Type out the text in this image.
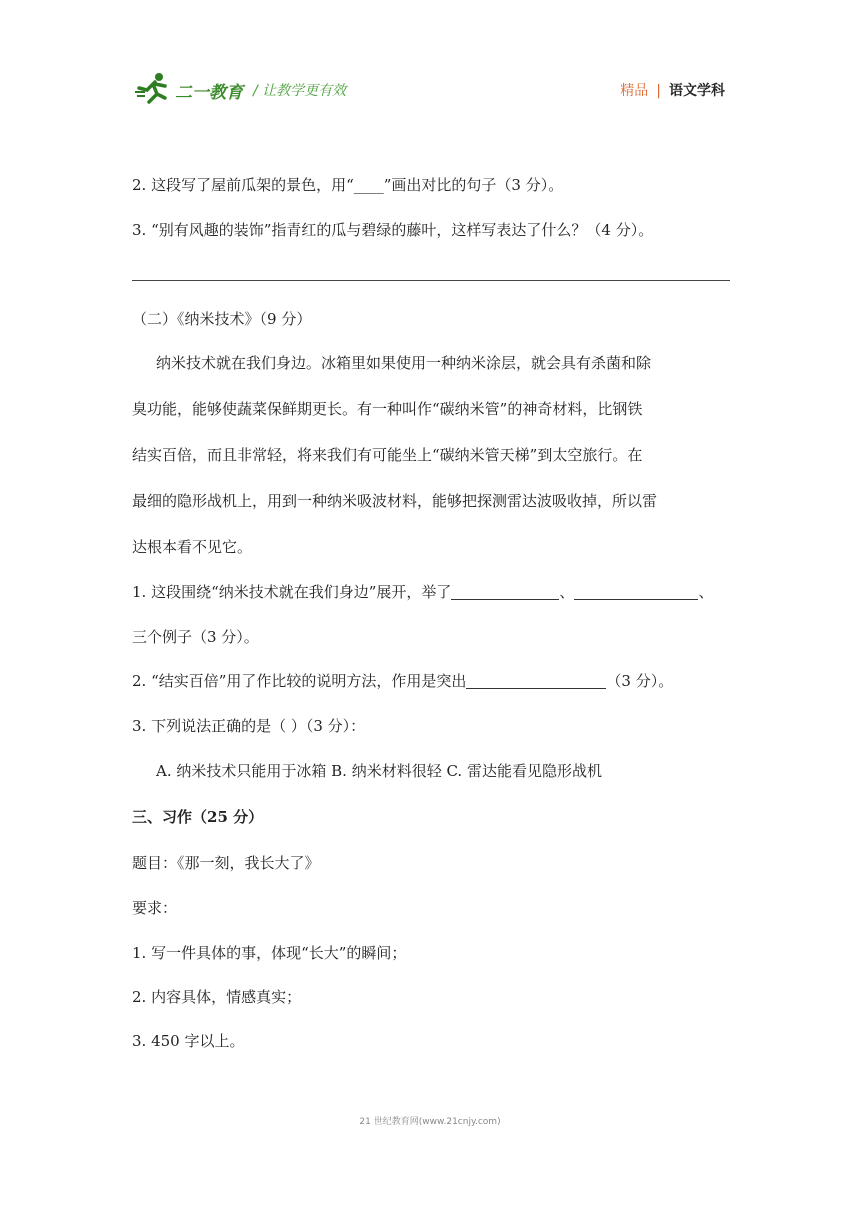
二一教育 / 让教学更有效	精品 | 语文学科
2. 这段写了屋前瓜架的景色，用“____”画出对比的句子（3 分）。
3. “别有风趣的装饰”指青红的瓜与碧绿的藤叶，这样写表达了什么？（4 分）。
（二）《纳米技术》（9 分）
纳米技术就在我们身边。冰箱里如果使用一种纳米涂层，就会具有杀菌和除
臭功能，能够使蔬菜保鲜期更长。有一种叫作“碳纳米管”的神奇材料，比钢铁
结实百倍，而且非常轻，将来我们有可能坐上“碳纳米管天梯”到太空旅行。在
最细的隐形战机上，用到一种纳米吸波材料，能够把探测雷达波吸收掉，所以雷
达根本看不见它。
1. 这段围绕“纳米技术就在我们身边”展开，举了	、	、
三个例子（3 分）。
2. “结实百倍”用了作比较的说明方法，作用是突出	（3 分）。
3. 下列说法正确的是（ ）（3 分）：
A. 纳米技术只能用于冰箱 B. 纳米材料很轻 C. 雷达能看见隐形战机
三、习作（25 分）
题目：《那一刻，我长大了》
要求：
1. 写一件具体的事，体现“长大”的瞬间；
2. 内容具体，情感真实；
3. 450 字以上。
21 世纪教育网(www.21cnjy.com)
